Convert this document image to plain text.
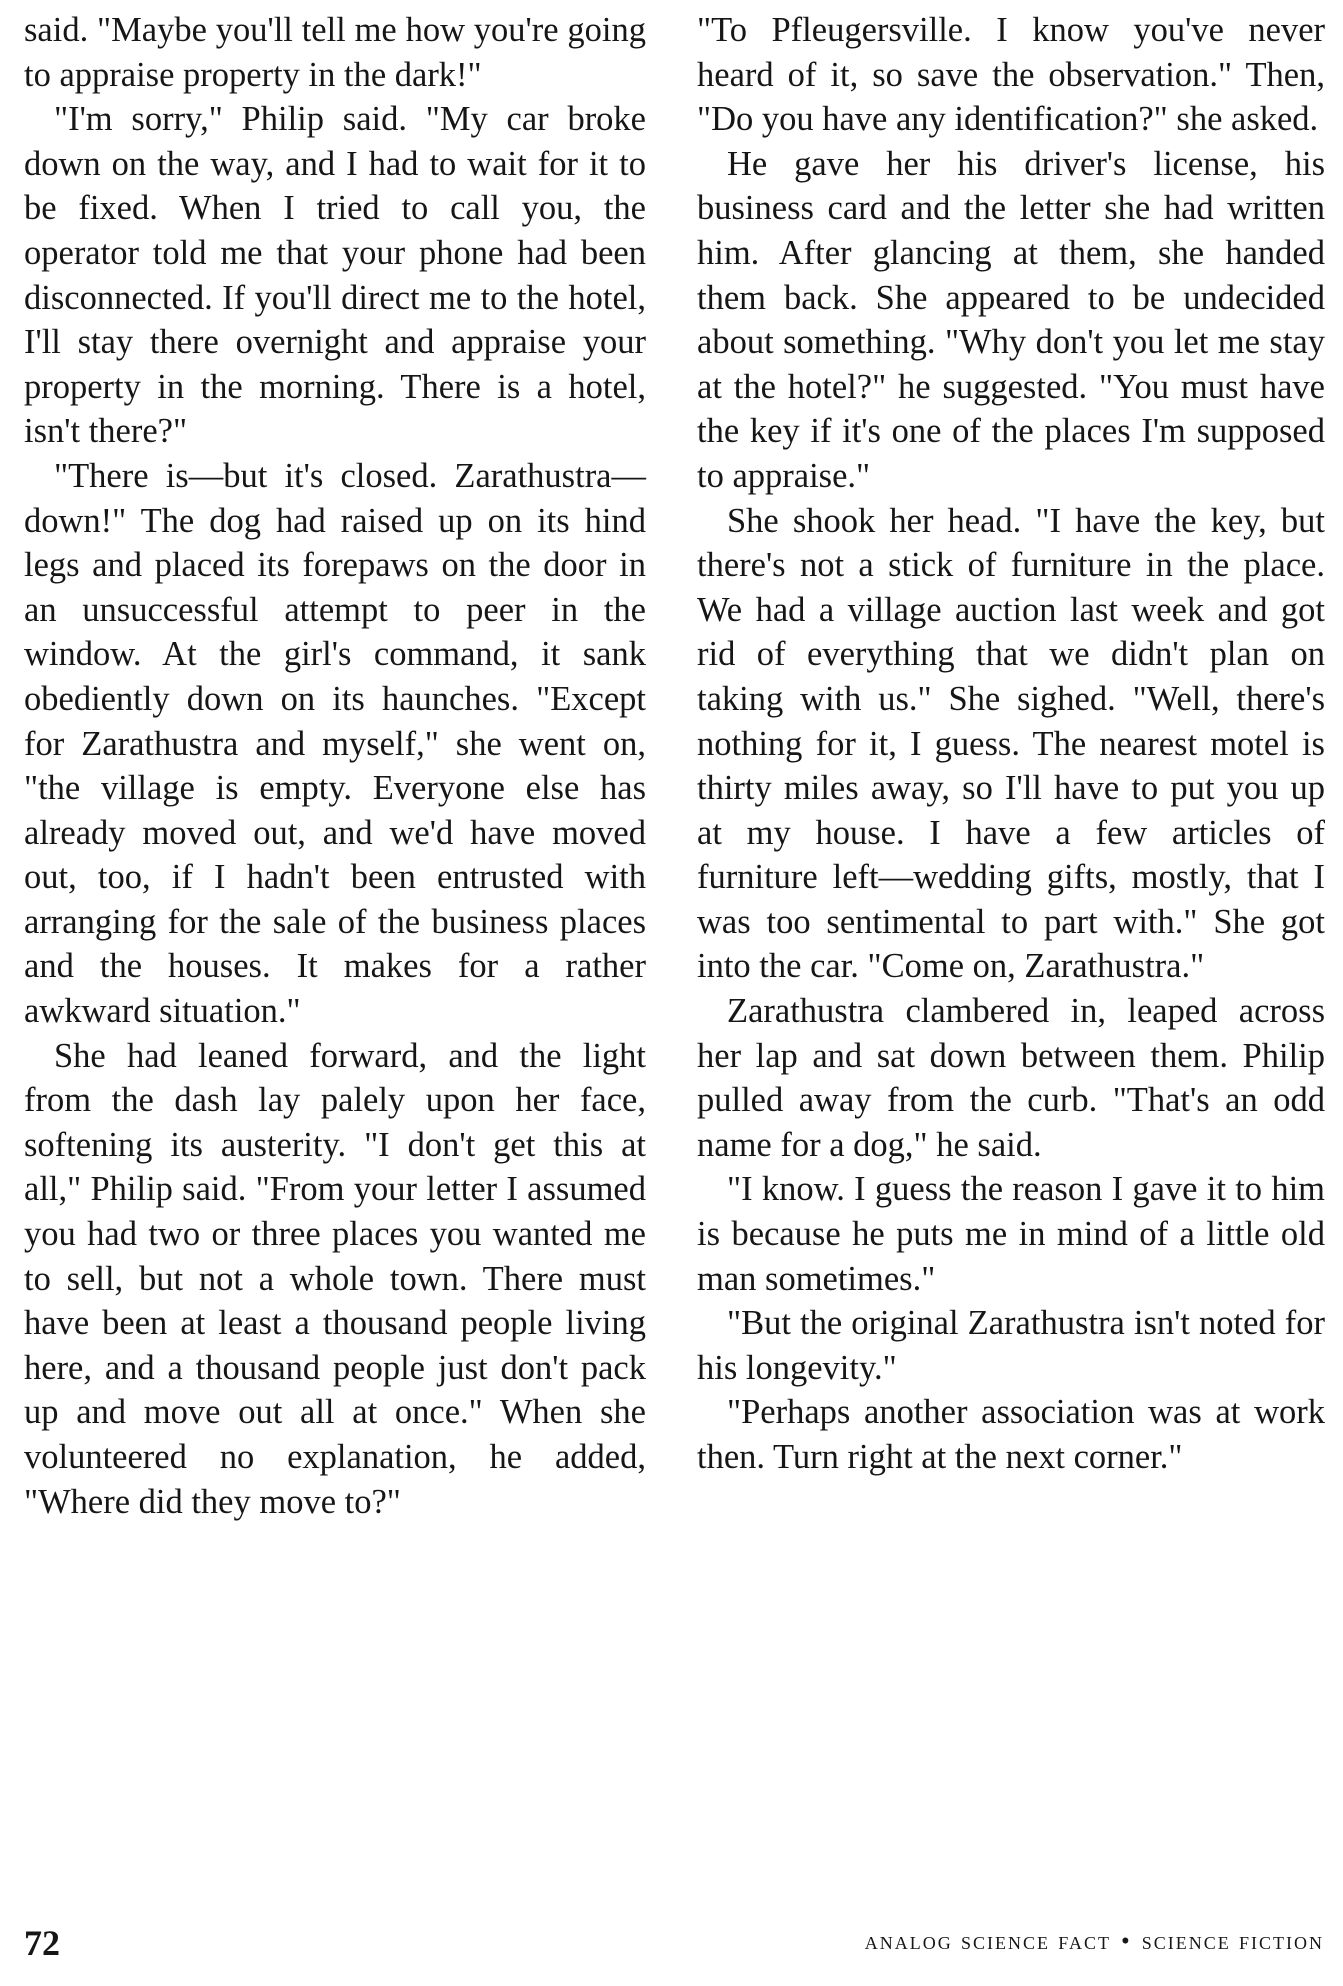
said. "Maybe you'll tell me how you're going to appraise property in the dark!"

"I'm sorry," Philip said. "My car broke down on the way, and I had to wait for it to be fixed. When I tried to call you, the operator told me that your phone had been disconnected. If you'll direct me to the hotel, I'll stay there overnight and appraise your property in the morning. There is a hotel, isn't there?"

"There is—but it's closed. Zarathustra—down!" The dog had raised up on its hind legs and placed its forepaws on the door in an unsuccessful attempt to peer in the window. At the girl's command, it sank obediently down on its haunches. "Except for Zarathustra and myself," she went on, "the village is empty. Everyone else has already moved out, and we'd have moved out, too, if I hadn't been entrusted with arranging for the sale of the business places and the houses. It makes for a rather awkward situation."

She had leaned forward, and the light from the dash lay palely upon her face, softening its austerity. "I don't get this at all," Philip said. "From your letter I assumed you had two or three places you wanted me to sell, but not a whole town. There must have been at least a thousand people living here, and a thousand people just don't pack up and move out all at once." When she volunteered no explanation, he added, "Where did they move to?"

"To Pfleugersville. I know you've never heard of it, so save the observation." Then, "Do you have any identification?" she asked.

He gave her his driver's license, his business card and the letter she had written him. After glancing at them, she handed them back. She appeared to be undecided about something. "Why don't you let me stay at the hotel?" he suggested. "You must have the key if it's one of the places I'm supposed to appraise."

She shook her head. "I have the key, but there's not a stick of furniture in the place. We had a village auction last week and got rid of everything that we didn't plan on taking with us." She sighed. "Well, there's nothing for it, I guess. The nearest motel is thirty miles away, so I'll have to put you up at my house. I have a few articles of furniture left—wedding gifts, mostly, that I was too sentimental to part with." She got into the car. "Come on, Zarathustra."

Zarathustra clambered in, leaped across her lap and sat down between them. Philip pulled away from the curb. "That's an odd name for a dog," he said.

"I know. I guess the reason I gave it to him is because he puts me in mind of a little old man sometimes."

"But the original Zarathustra isn't noted for his longevity."

"Perhaps another association was at work then. Turn right at the next corner."

72	analog science fact • science fiction
